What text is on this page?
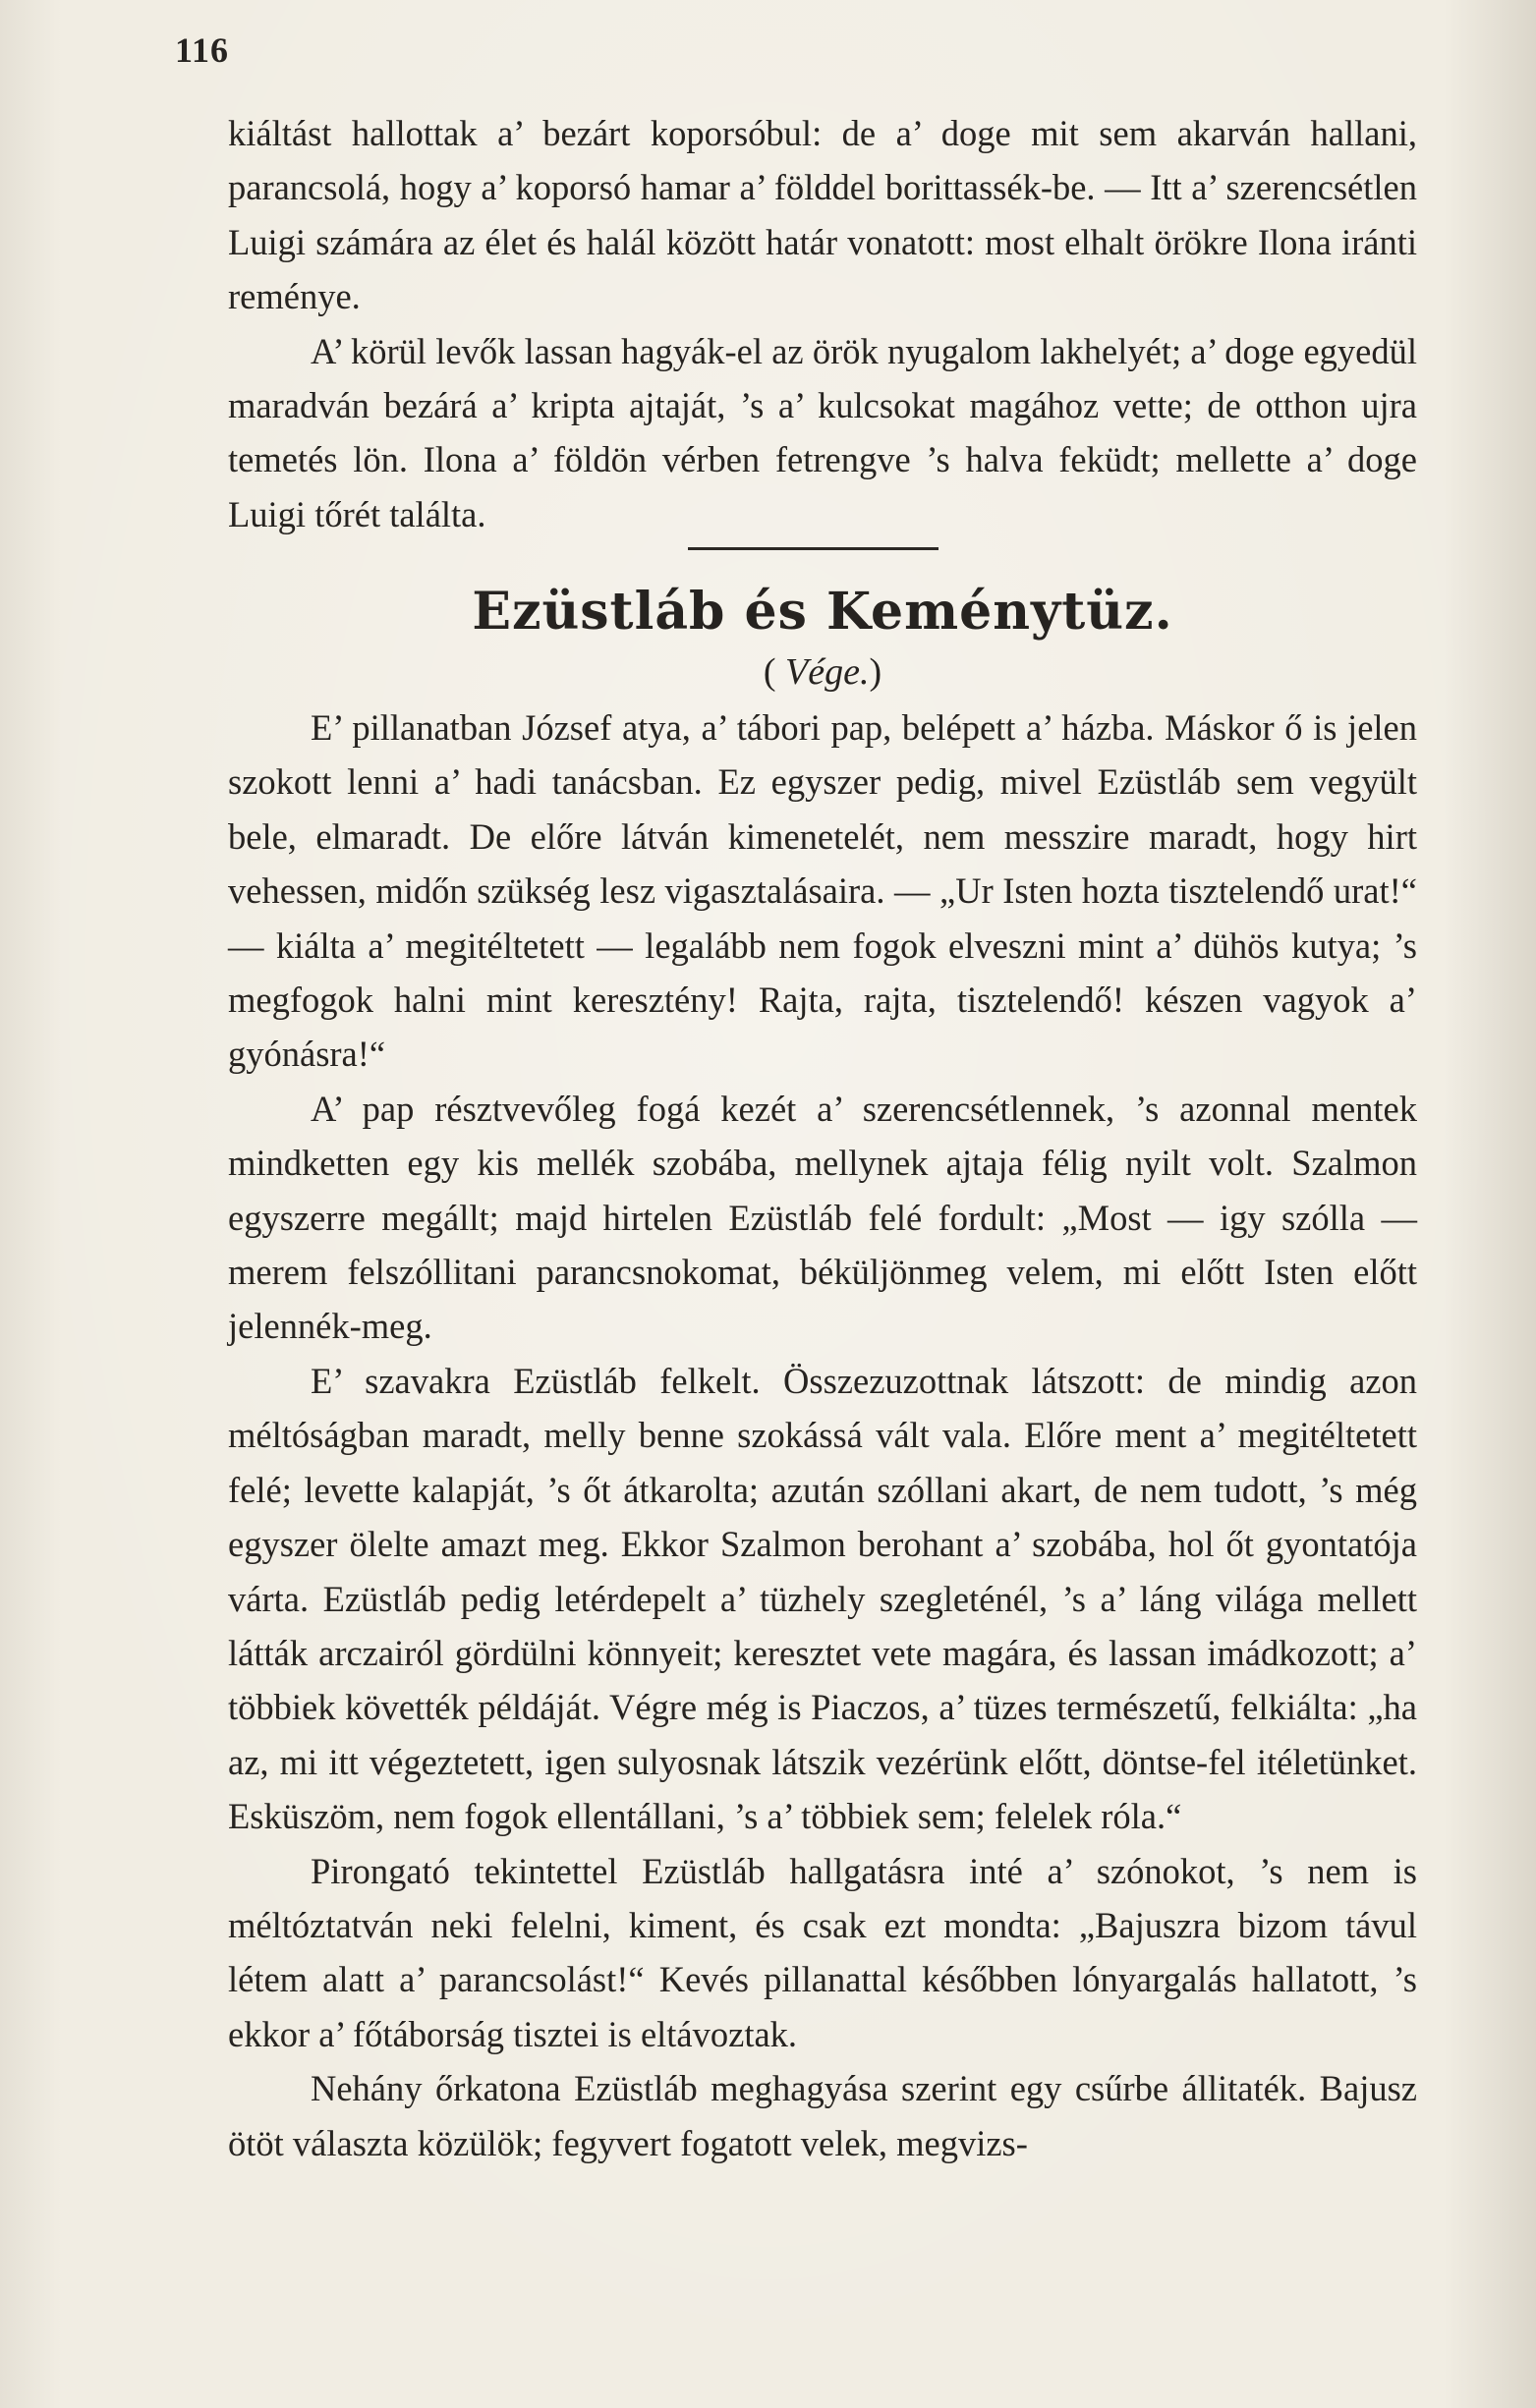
116

kiáltást hallottak a’ bezárt koporsóbul: de a’ doge mit sem akarván hallani, parancsolá, hogy a’ koporsó hamar a’ földdel borittassék-be. — Itt a’ szerencsétlen Luigi számára az élet és halál között határ vonatott: most elhalt örökre Ilona iránti reménye.

A’ körül levők lassan hagyák-el az örök nyugalom lakhelyét; a’ doge egyedül maradván bezárá a’ kripta ajtaját, ’s a’ kulcsokat magához vette; de otthon ujra temetés lön. Ilona a’ földön vérben fetrengve ’s halva feküdt; mellette a’ doge Luigi tőrét találta.

Ezüstláb és Keménytüz.
( Vége.)

E’ pillanatban József atya, a’ tábori pap, belépett a’ házba. Máskor ő is jelen szokott lenni a’ hadi tanácsban. Ez egyszer pedig, mivel Ezüstláb sem vegyült bele, elmaradt. De előre látván kimenetelét, nem messzire maradt, hogy hirt vehessen, midőn szükség lesz vigasztalásaira. — „Ur Isten hozta tisztelendő urat!“ — kiálta a’ megitéltetett — legalább nem fogok elveszni mint a’ dühös kutya; ’s megfogok halni mint keresztény! Rajta, rajta, tisztelendő! készen vagyok a’ gyónásra!“

A’ pap résztvevőleg fogá kezét a’ szerencsétlennek, ’s azonnal mentek mindketten egy kis mellék szobába, mellynek ajtaja félig nyilt volt. Szalmon egyszerre megállt; majd hirtelen Ezüstláb felé fordult: „Most — igy szólla — merem felszóllitani parancsnokomat, béküljönmeg velem, mi előtt Isten előtt jelennék-meg.

E’ szavakra Ezüstláb felkelt. Összezuzottnak látszott: de mindig azon méltóságban maradt, melly benne szokássá vált vala. Előre ment a’ megitéltetett felé; levette kalapját, ’s őt átkarolta; azután szóllani akart, de nem tudott, ’s még egyszer ölelte amazt meg. Ekkor Szalmon berohant a’ szobába, hol őt gyontatója várta. Ezüstláb pedig letérdepelt a’ tüzhely szegleténél, ’s a’ láng világa mellett látták arczairól gördülni könnyeit; keresztet vete magára, és lassan imádkozott; a’ többiek követték példáját. Végre még is Piaczos, a’ tüzes természetű, felkiálta: „ha az, mi itt végeztetett, igen sulyosnak látszik vezérünk előtt, döntse-fel itéletünket. Esküszöm, nem fogok ellentállani, ’s a’ többiek sem; felelek róla.“

Pirongató tekintettel Ezüstláb hallgatásra inté a’ szónokot, ’s nem is méltóztatván neki felelni, kiment, és csak ezt mondta: „Bajuszra bizom távul létem alatt a’ parancsolást!“ Kevés pillanattal későbben lónyargalás hallatott, ’s ekkor a’ főtáborság tisztei is eltávoztak.

Nehány őrkatona Ezüstláb meghagyása szerint egy csűrbe állitaték. Bajusz ötöt választa közülök; fegyvert fogatott velek, megvizs-
